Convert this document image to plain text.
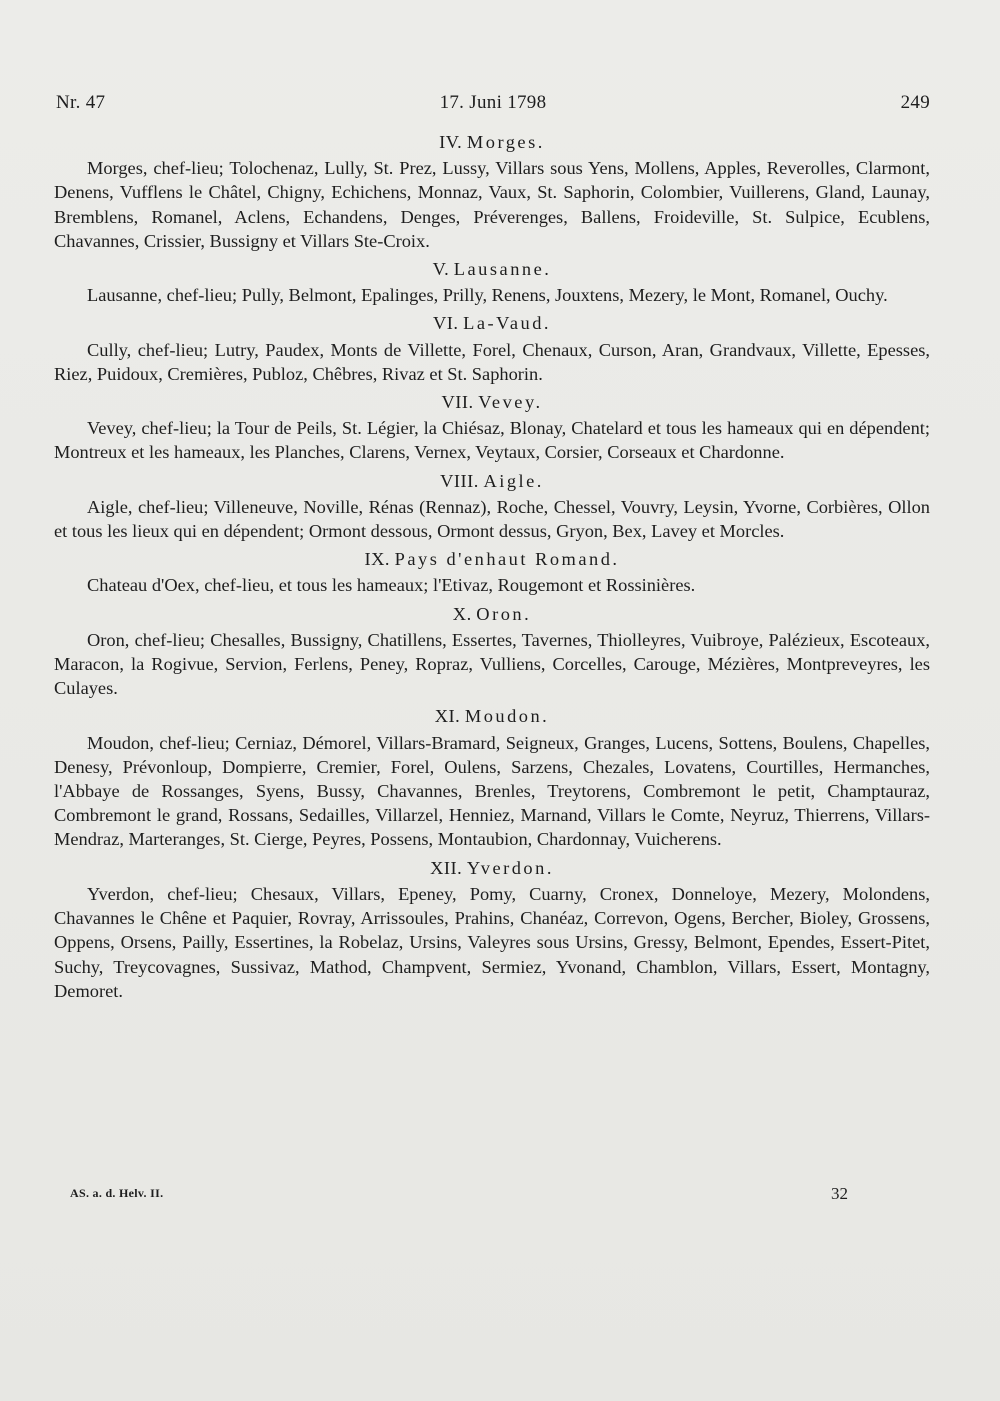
Nr. 47	17. Juni 1798	249
IV. Morges.

Morges, chef-lieu; Tolochenaz, Lully, St. Prez, Lussy, Villars sous Yens, Mollens, Apples, Reverolles, Clarmont, Denens, Vufflens le Châtel, Chigny, Echichens, Monnaz, Vaux, St. Saphorin, Colombier, Vuillerens, Gland, Launay, Bremblens, Romanel, Aclens, Echandens, Denges, Préverenges, Ballens, Froideville, St. Sulpice, Ecublens, Chavannes, Crissier, Bussigny et Villars Ste-Croix.

V. Lausanne.

Lausanne, chef-lieu; Pully, Belmont, Epalinges, Prilly, Renens, Jouxtens, Mezery, le Mont, Romanel, Ouchy.

VI. La-Vaud.

Cully, chef-lieu; Lutry, Paudex, Monts de Villette, Forel, Chenaux, Curson, Aran, Grandvaux, Villette, Epesses, Riez, Puidoux, Cremières, Publoz, Chêbres, Rivaz et St. Saphorin.

VII. Vevey.

Vevey, chef-lieu; la Tour de Peils, St. Légier, la Chiésaz, Blonay, Chatelard et tous les hameaux qui en dépendent; Montreux et les hameaux, les Planches, Clarens, Vernex, Veytaux, Corsier, Corseaux et Chardonne.

VIII. Aigle.

Aigle, chef-lieu; Villeneuve, Noville, Rénas (Rennaz), Roche, Chessel, Vouvry, Leysin, Yvorne, Corbières, Ollon et tous les lieux qui en dépendent; Ormont dessous, Ormont dessus, Gryon, Bex, Lavey et Morcles.

IX. Pays d'enhaut Romand.

Chateau d'Oex, chef-lieu, et tous les hameaux; l'Etivaz, Rougemont et Rossinières.

X. Oron.

Oron, chef-lieu; Chesalles, Bussigny, Chatillens, Essertes, Tavernes, Thiolleyres, Vuibroye, Palézieux, Escoteaux, Maracon, la Rogivue, Servion, Ferlens, Peney, Ropraz, Vulliens, Corcelles, Carouge, Mézières, Montpreveyres, les Culayes.

XI. Moudon.

Moudon, chef-lieu; Cerniaz, Démorel, Villars-Bramard, Seigneux, Granges, Lucens, Sottens, Boulens, Chapelles, Denesy, Prévonloup, Dompierre, Cremier, Forel, Oulens, Sarzens, Chezales, Lovatens, Courtilles, Hermanches, l'Abbaye de Rossanges, Syens, Bussy, Chavannes, Brenles, Treytorens, Combremont le petit, Champtauraz, Combremont le grand, Rossans, Sedailles, Villarzel, Henniez, Marnand, Villars le Comte, Neyruz, Thierrens, Villars-Mendraz, Marteranges, St. Cierge, Peyres, Possens, Montaubion, Chardonnay, Vuicherens.

XII. Yverdon.

Yverdon, chef-lieu; Chesaux, Villars, Epeney, Pomy, Cuarny, Cronex, Donneloye, Mezery, Molondens, Chavannes le Chêne et Paquier, Rovray, Arrissoules, Prahins, Chanéaz, Correvon, Ogens, Bercher, Bioley, Grossens, Oppens, Orsens, Pailly, Essertines, la Robelaz, Ursins, Valeyres sous Ursins, Gressy, Belmont, Ependes, Essert-Pitet, Suchy, Treycovagnes, Sussivaz, Mathod, Champvent, Sermiez, Yvonand, Chamblon, Villars, Essert, Montagny, Demoret.

AS. a. d. Helv. II.	32
